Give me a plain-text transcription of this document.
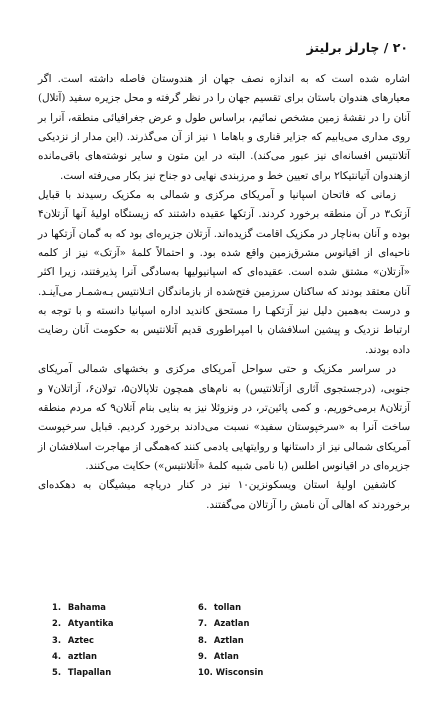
۲۰ / چارلز برلیتز

اشاره شده است که به اندازه نصف جهان از هندوستان فاصله داشته است. اگر معیارهای هندوان باستان برای تقسیم جهان را در نظر گرفته و محل جزیره سفید (آتلال) آنان را در نقشهٔ زمین مشخص نمائیم، براساس طول و عرض جغرافیائی منطقه، آنرا بر روی مداری می‌یابیم که جزایر قناری و باهاما ۱ نیز از آن می‌گذرند. (این مدار از نزدیکی آتلانتیس افسانه‌ای نیز عبور می‌کند). البته در این متون و سایر نوشته‌های باقی‌مانده ازهندوان آتیانتیکا۲ برای تعیین خط و مرزبندی نهایی دو جناح نیز بکار می‌رفته است.

زمانی که فاتحان اسپانیا و آمریکای مرکزی و شمالی به مکزیک رسیدند با قبایل آزتک۳ در آن منطقه برخورد کردند. آزتکها عقیده داشتند که زیستگاه اولیهٔ آنها آزتلان۴ بوده و آنان به‌ناچار در مکزیک اقامت گزیده‌اند. آزتلان جزیره‌ای بود که به گمان آزتکها در ناحیه‌ای از اقیانوس مشرق‌زمین واقع شده بود. و احتمالاً کلمهٔ «آزتک» نیز از کلمه «آزتلان» مشتق شده است. عقیده‌ای که اسپانیولیها به‌سادگی آنرا پذیرفتند، زیرا اکثر آنان معتقد بودند که ساکنان سرزمین فتح‌شده از بازماندگان اتـلانتیس بـه‌شمـار می‌آینـد. و درست به‌همین دلیل نیز آزتکهـا را مستحق کاندید اداره اسپانیا دانسته و با توجه به ارتباط نزدیک و پیشین اسلافشان با امپراطوری قدیم آتلانتیس به حکومت آنان رضایت داده بودند.

در سراسر مکزیک و حتی سواحل آمریکای مرکزی و بخشهای شمالی آمریکای جنوبی، (درجستجوی آثاری ازآتلانتیس) به نام‌های همچون تلاپالان۵، تولان۶، آزاتلان۷ و آزتلان۸ برمی‌خوریم. و کمی پائین‌تر، در ونزوئلا نیز به بنایی بنام آتلان۹ که مردم منطقه ساخت آنرا به «سرخپوستان سفید» نسبت می‌دادند برخورد کردیم. قبایل سرخپوست آمریکای شمالی نیز از داستانها و روایتهایی یادمی کنند که‌همگی از مهاجرت اسلافشان از جزیره‌ای در اقیانوس اطلس (با نامی شبیه کلمهٔ «آتلانتیس») حکایت می‌کنند.

کاشفین اولیهٔ استان ویسکونزین۱۰ نیز در کنار دریاچه میشیگان به دهکده‌ای برخوردند که اهالی آن نامش را آزتالان می‌گفتند.

1. Bahama
2. Atyantika
3. Aztec
4. aztlan
5. Tlapallan
6. tollan
7. Azatlan
8. Aztlan
9. Atlan
10. Wisconsin
